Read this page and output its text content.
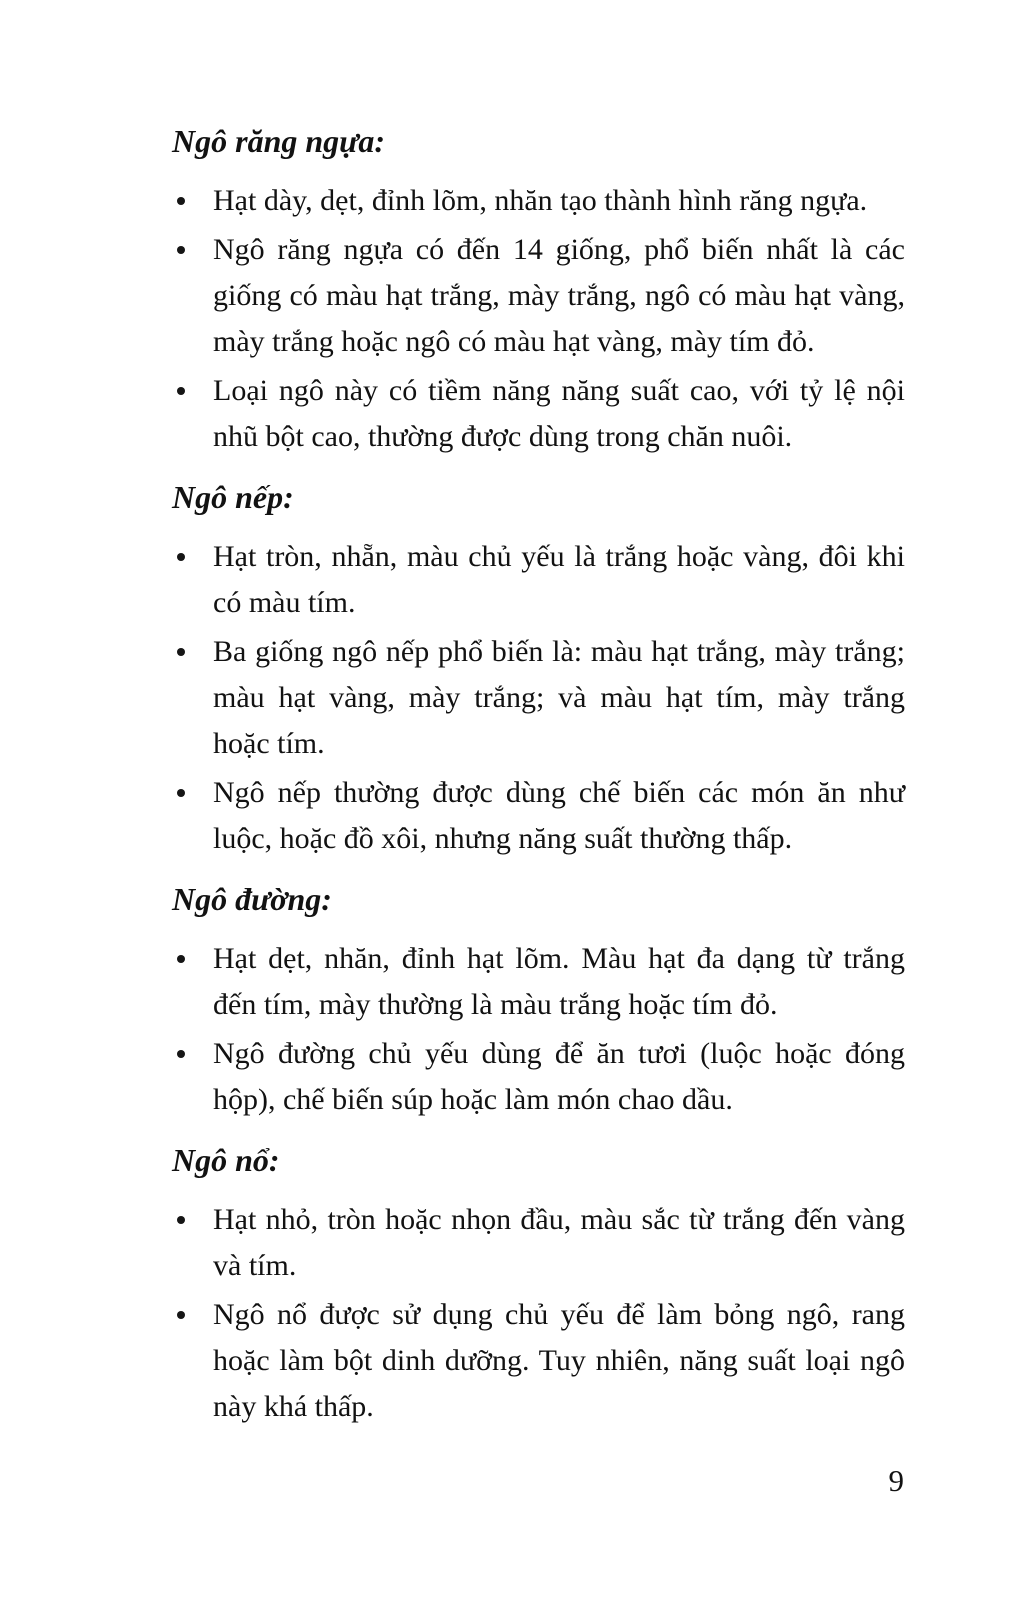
Ngô răng ngựa:
Hạt dày, dẹt, đỉnh lõm, nhăn tạo thành hình răng ngựa.
Ngô răng ngựa có đến 14 giống, phổ biến nhất là các giống có màu hạt trắng, mày trắng, ngô có màu hạt vàng, mày trắng hoặc ngô có màu hạt vàng, mày tím đỏ.
Loại ngô này có tiềm năng năng suất cao, với tỷ lệ nội nhũ bột cao, thường được dùng trong chăn nuôi.
Ngô nếp:
Hạt tròn, nhẵn, màu chủ yếu là trắng hoặc vàng, đôi khi có màu tím.
Ba giống ngô nếp phổ biến là: màu hạt trắng, mày trắng; màu hạt vàng, mày trắng; và màu hạt tím, mày trắng hoặc tím.
Ngô nếp thường được dùng chế biến các món ăn như luộc, hoặc đồ xôi, nhưng năng suất thường thấp.
Ngô đường:
Hạt dẹt, nhăn, đỉnh hạt lõm. Màu hạt đa dạng từ trắng đến tím, mày thường là màu trắng hoặc tím đỏ.
Ngô đường chủ yếu dùng để ăn tươi (luộc hoặc đóng hộp), chế biến súp hoặc làm món chao dầu.
Ngô nổ:
Hạt nhỏ, tròn hoặc nhọn đầu, màu sắc từ trắng đến vàng và tím.
Ngô nổ được sử dụng chủ yếu để làm bỏng ngô, rang hoặc làm bột dinh dưỡng. Tuy nhiên, năng suất loại ngô này khá thấp.
9
